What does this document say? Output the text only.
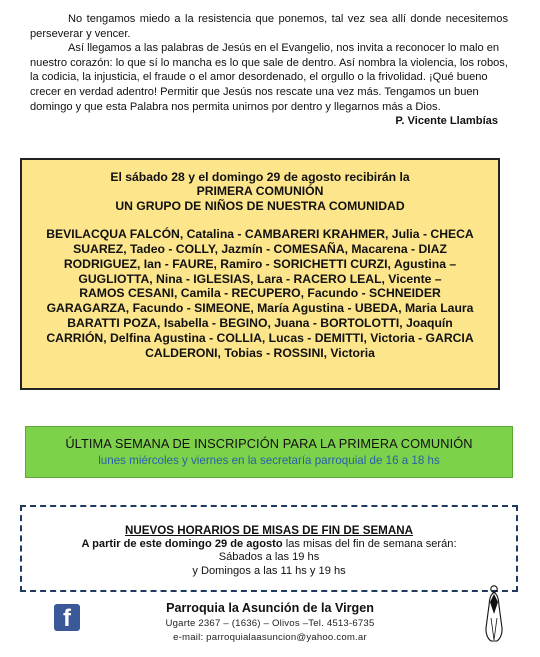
No tengamos miedo a la resistencia que ponemos, tal vez sea allí donde necesitemos perseverar y vencer.

Así llegamos a las palabras de Jesús en el Evangelio, nos invita a reconocer lo malo en nuestro corazón: lo que sí lo mancha es lo que sale de dentro. Así nombra la violencia, los robos, la codicia, la injusticia, el fraude o el amor desordenado, el orgullo o la frivolidad. ¡Qué bueno crecer en verdad adentro! Permitir que Jesús nos rescate una vez más. Tengamos un buen domingo y que esta Palabra nos permita unirnos por dentro y llegarnos más a Dios.
P. Vicente Llambías

El sábado 28 y el domingo 29 de agosto recibirán la
PRIMERA COMUNIÓN
UN GRUPO DE NIÑOS DE NUESTRA COMUNIDAD

BEVILACQUA FALCÓN, Catalina - CAMBARERI KRAHMER, Julia - CHECA
SUAREZ, Tadeo - COLLY, Jazmín - COMESAÑA, Macarena - DIAZ
RODRIGUEZ, Ian - FAURE, Ramiro - SORICHETTI CURZI, Agustina –
GUGLIOTTA, Nina - IGLESIAS, Lara - RACERO LEAL, Vicente –
RAMOS CESANI, Camila - RECUPERO, Facundo - SCHNEIDER
GARAGARZA, Facundo - SIMEONE, María Agustina - UBEDA, Maria Laura
BARATTI POZA, Isabella - BEGINO, Juana - BORTOLOTTI, Joaquín
CARRIÓN, Delfina Agustina - COLLIA, Lucas - DEMITTI, Victoria - GARCIA
CALDERONI, Tobias - ROSSINI, Victoria

ÚLTIMA SEMANA DE INSCRIPCIÓN PARA LA PRIMERA COMUNIÓN
lunes miércoles y viernes en la secretaría parroquial de 16 a 18 hs
NUEVOS HORARIOS DE MISAS DE FIN DE SEMANA
A partir de este domingo 29 de agosto las misas del fin de semana serán:
Sábados a las 19 hs
y Domingos a las 11 hs y 19 hs
f	Parroquia la Asunción de la Virgen
Ugarte 2367 – (1636) – Olivos –Tel. 4513-6735
e-mail: parroquialaasuncion@yahoo.com.ar
